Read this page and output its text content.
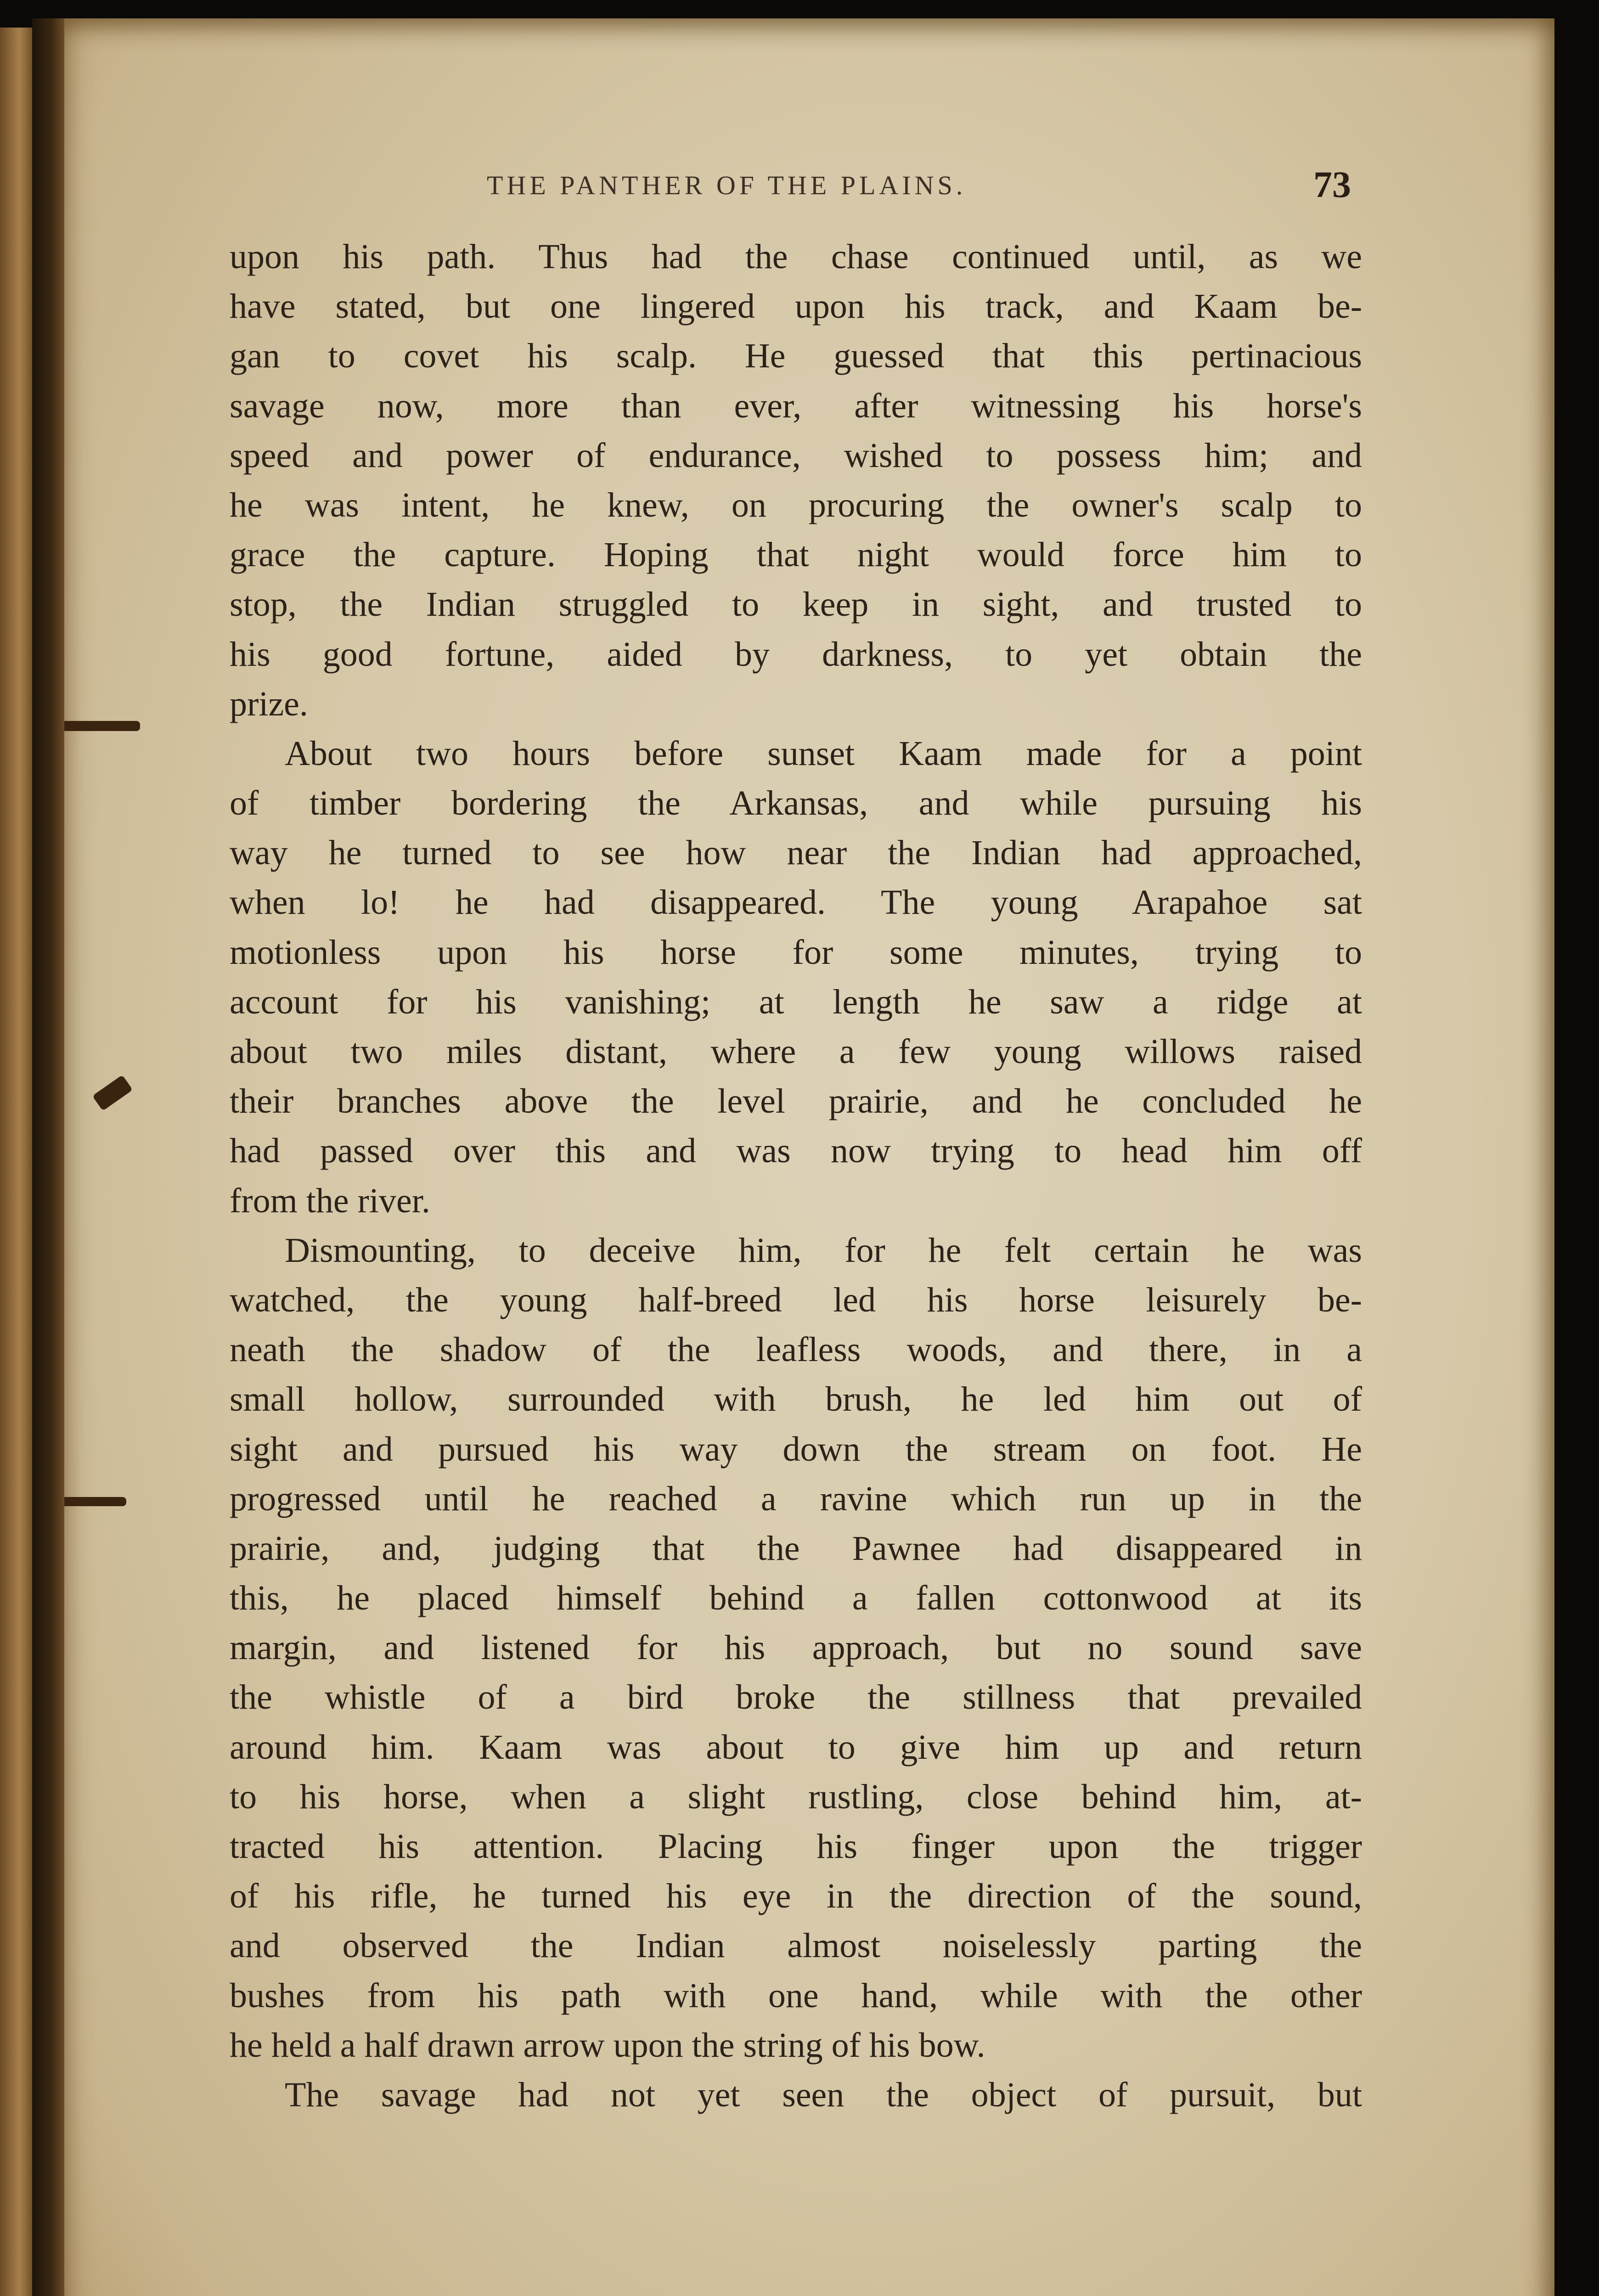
THE PANTHER OF THE PLAINS.	73
upon his path. Thus had the chase continued until, as we
have stated, but one lingered upon his track, and Kaam be-
gan to covet his scalp. He guessed that this pertinacious
savage now, more than ever, after witnessing his horse's
speed and power of endurance, wished to possess him; and
he was intent, he knew, on procuring the owner's scalp to
grace the capture. Hoping that night would force him to
stop, the Indian struggled to keep in sight, and trusted to
his good fortune, aided by darkness, to yet obtain the
prize.
About two hours before sunset Kaam made for a point
of timber bordering the Arkansas, and while pursuing his
way he turned to see how near the Indian had approached,
when lo! he had disappeared. The young Arapahoe sat
motionless upon his horse for some minutes, trying to
account for his vanishing; at length he saw a ridge at
about two miles distant, where a few young willows raised
their branches above the level prairie, and he concluded he
had passed over this and was now trying to head him off
from the river.
Dismounting, to deceive him, for he felt certain he was
watched, the young half-breed led his horse leisurely be-
neath the shadow of the leafless woods, and there, in a
small hollow, surrounded with brush, he led him out of
sight and pursued his way down the stream on foot. He
progressed until he reached a ravine which run up in the
prairie, and, judging that the Pawnee had disappeared in
this, he placed himself behind a fallen cottonwood at its
margin, and listened for his approach, but no sound save
the whistle of a bird broke the stillness that prevailed
around him. Kaam was about to give him up and return
to his horse, when a slight rustling, close behind him, at-
tracted his attention. Placing his finger upon the trigger
of his rifle, he turned his eye in the direction of the sound,
and observed the Indian almost noiselessly parting the
bushes from his path with one hand, while with the other
he held a half drawn arrow upon the string of his bow.
The savage had not yet seen the object of pursuit, but
